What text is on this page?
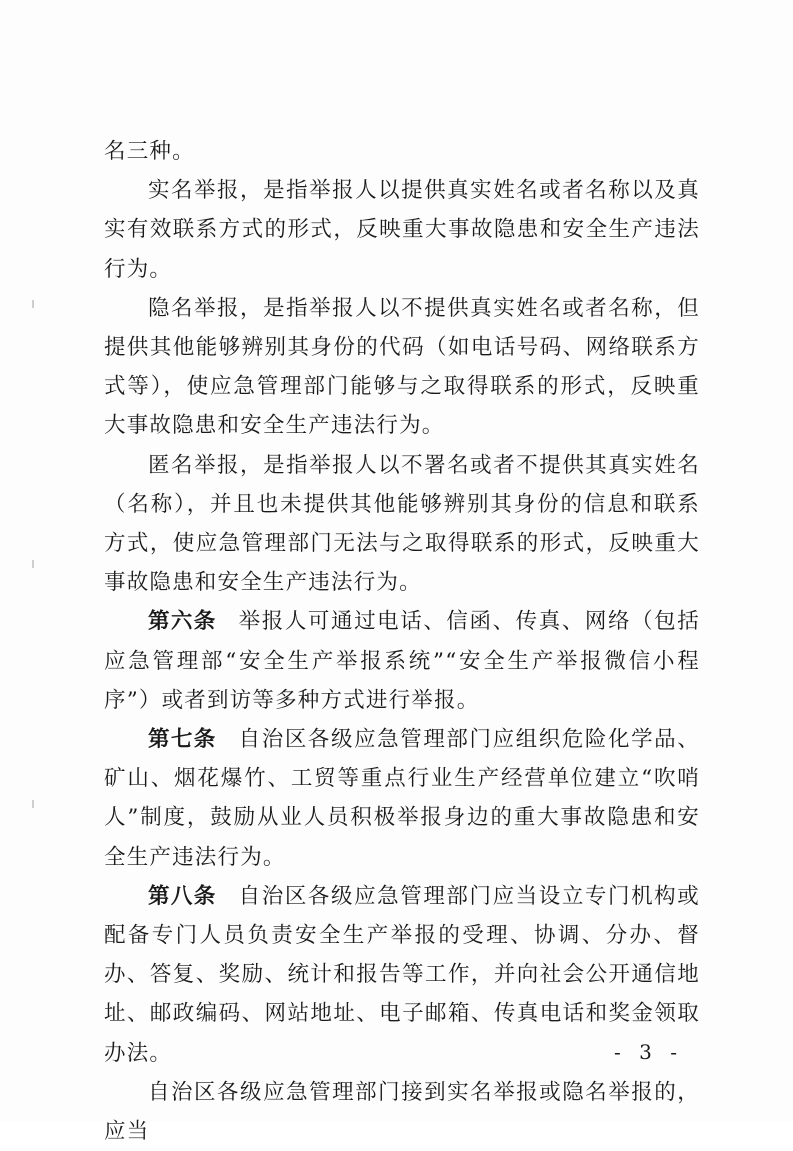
名三种。

实名举报，是指举报人以提供真实姓名或者名称以及真实有效联系方式的形式，反映重大事故隐患和安全生产违法行为。

隐名举报，是指举报人以不提供真实姓名或者名称，但提供其他能够辨别其身份的代码（如电话号码、网络联系方式等），使应急管理部门能够与之取得联系的形式，反映重大事故隐患和安全生产违法行为。

匿名举报，是指举报人以不署名或者不提供其真实姓名（名称），并且也未提供其他能够辨别其身份的信息和联系方式，使应急管理部门无法与之取得联系的形式，反映重大事故隐患和安全生产违法行为。

第六条 举报人可通过电话、信函、传真、网络（包括应急管理部“安全生产举报系统”“安全生产举报微信小程序”）或者到访等多种方式进行举报。

第七条 自治区各级应急管理部门应组织危险化学品、矿山、烟花爆竹、工贸等重点行业生产经营单位建立“吹哨人”制度，鼓励从业人员积极举报身边的重大事故隐患和安全生产违法行为。

第八条 自治区各级应急管理部门应当设立专门机构或配备专门人员负责安全生产举报的受理、协调、分办、督办、答复、奖励、统计和报告等工作，并向社会公开通信地址、邮政编码、网站地址、电子邮箱、传真电话和奖金领取办法。

自治区各级应急管理部门接到实名举报或隐名举报的，应当

- 3 -
